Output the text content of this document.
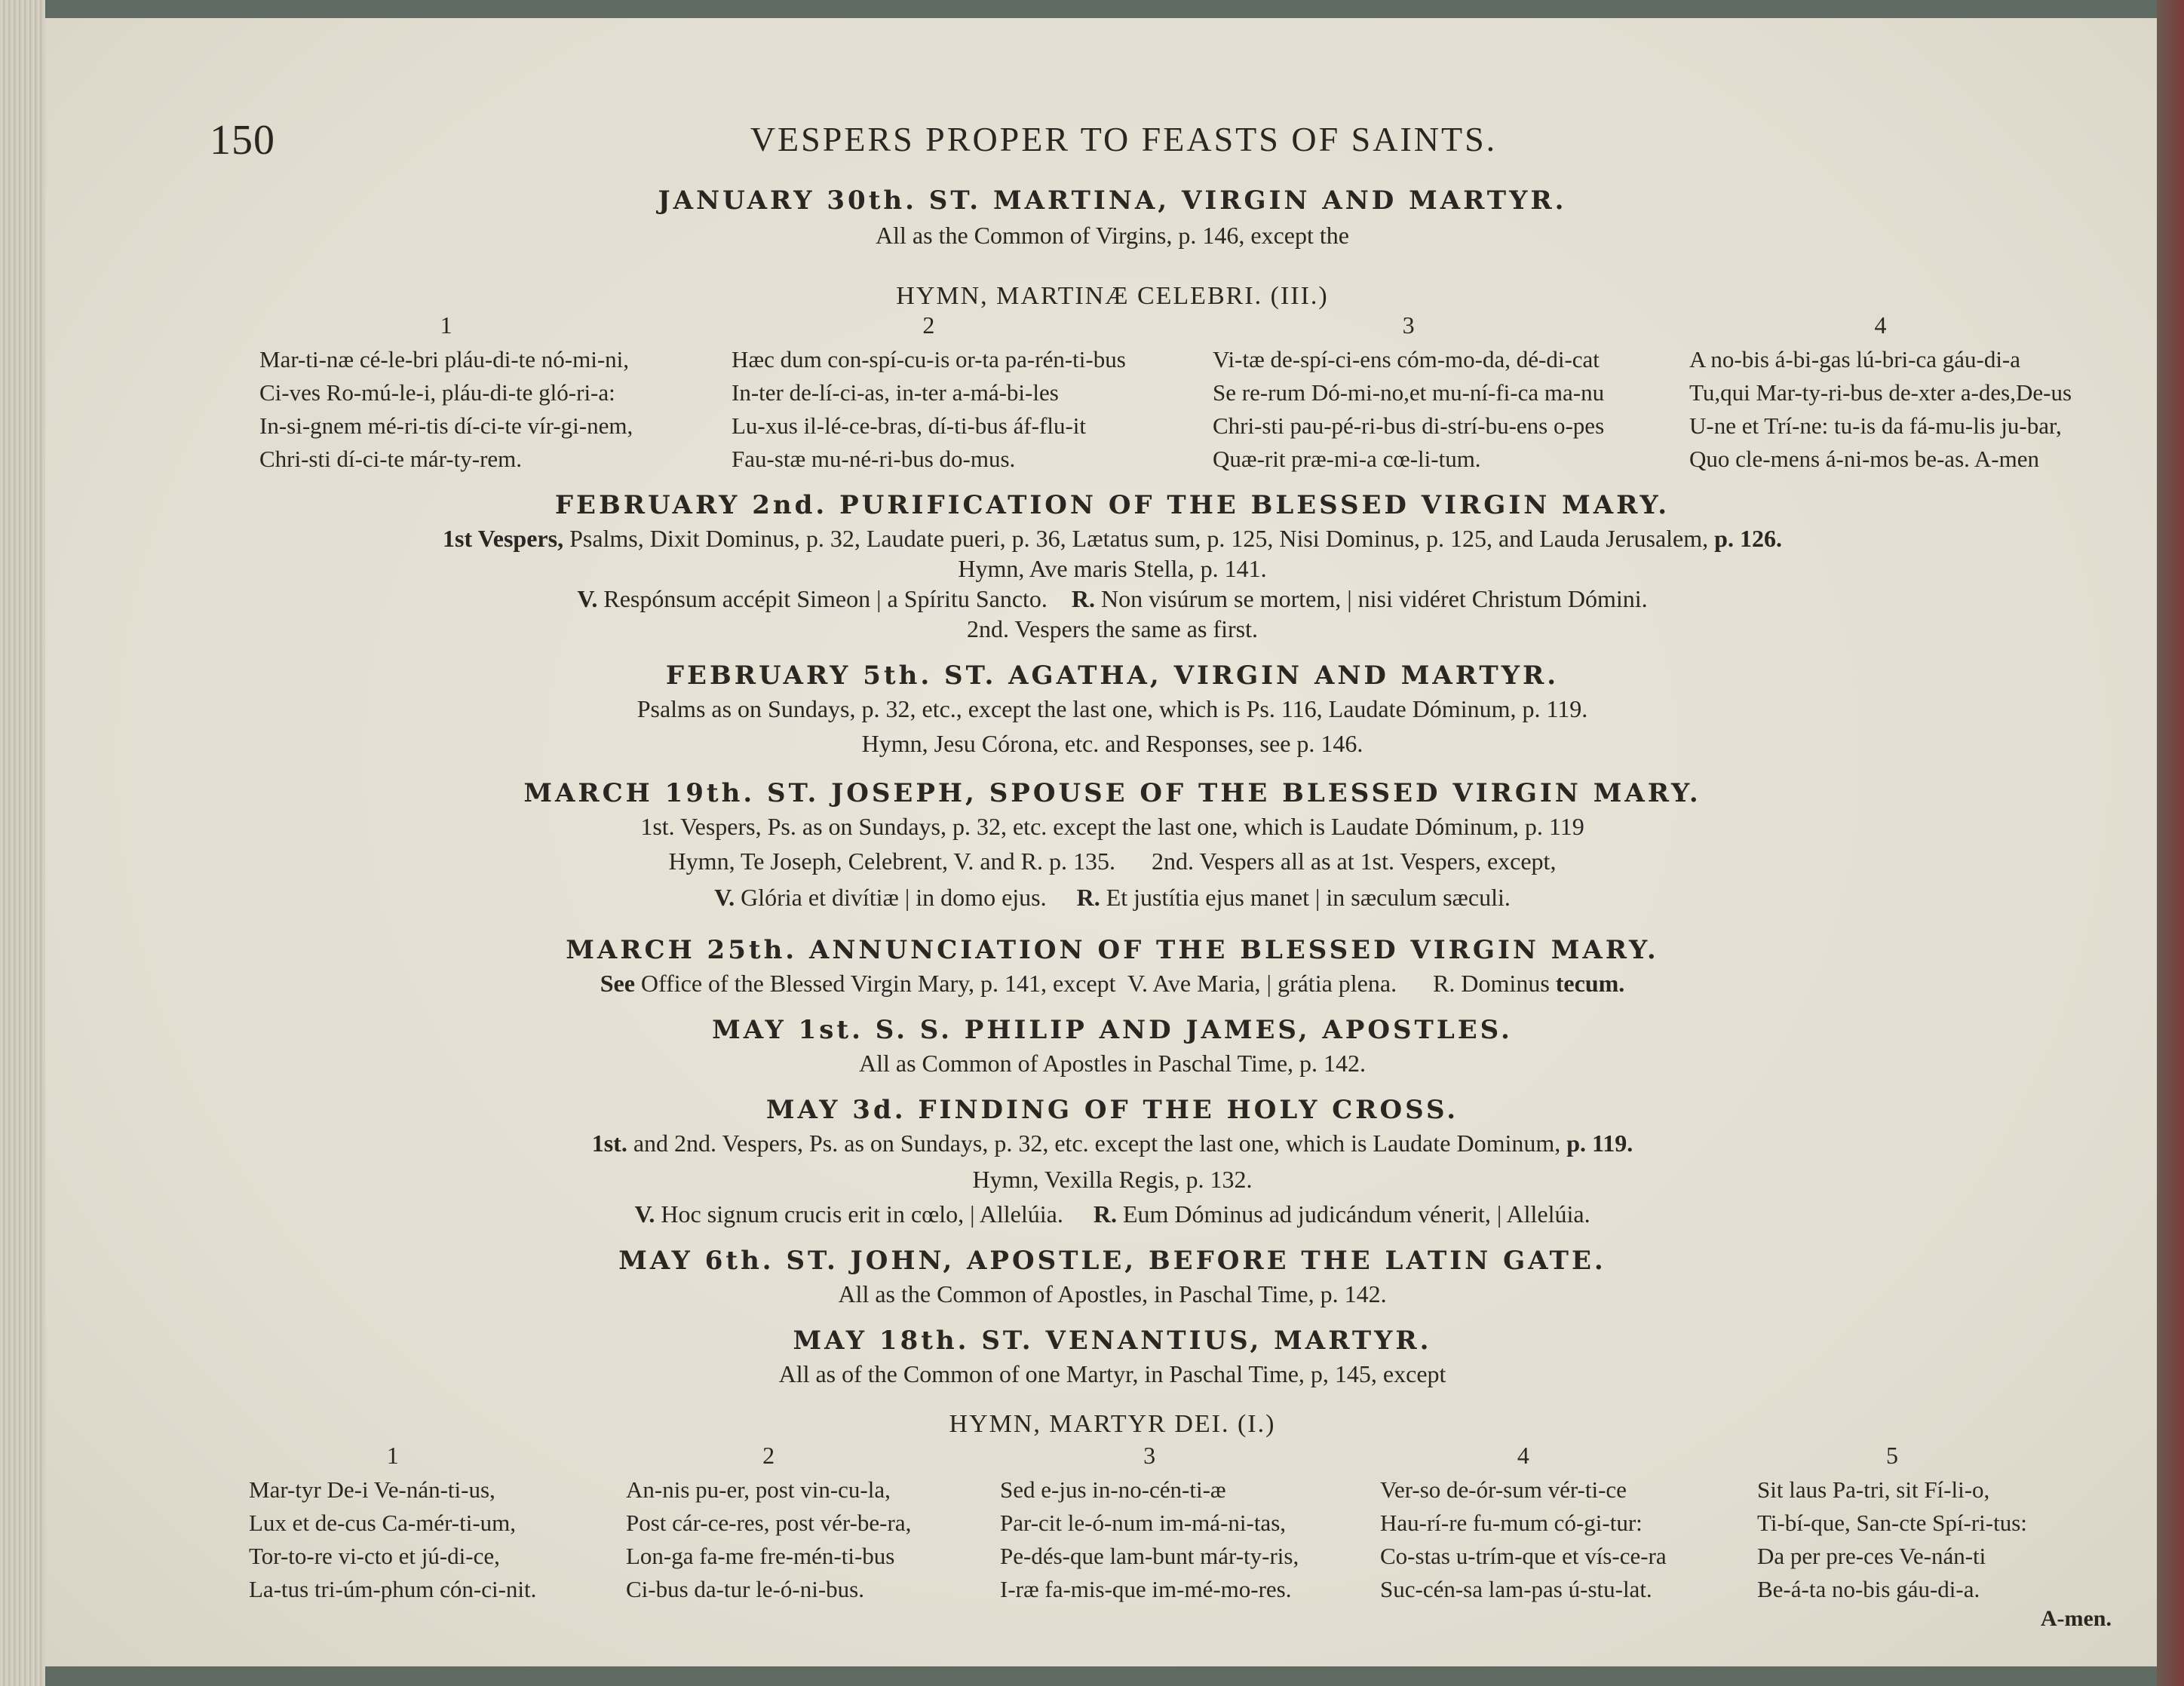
150	VESPERS PROPER TO FEASTS OF SAINTS.
JANUARY 30th. ST. MARTINA, VIRGIN AND MARTYR.
All as the Common of Virgins, p. 146, except the
HYMN, MARTINÆ CELEBRI. (III.)
1
Mar-ti-næ cé-le-bri pláu-di-te nó-mi-ni,
Ci-ves Ro-mú-le-i, pláu-di-te gló-ri-a:
In-si-gnem mé-ri-tis dí-ci-te vír-gi-nem,
Chri-sti dí-ci-te már-ty-rem.
2
Hæc dum con-spí-cu-is or-ta pa-rén-ti-bus
In-ter de-lí-ci-as, in-ter a-má-bi-les
Lu-xus il-lé-ce-bras, dí-ti-bus áf-flu-it
Fau-stæ mu-né-ri-bus do-mus.
3
Vi-tæ de-spí-ci-ens cóm-mo-da, dé-di-cat
Se re-rum Dó-mi-no,et mu-ní-fi-ca ma-nu
Chri-sti pau-pé-ri-bus di-strí-bu-ens o-pes
Quæ-rit præ-mi-a cœ-li-tum.
4
A no-bis á-bi-gas lú-bri-ca gáu-di-a
Tu,qui Mar-ty-ri-bus de-xter a-des,De-us
U-ne et Trí-ne: tu-is da fá-mu-lis ju-bar,
Quo cle-mens á-ni-mos be-as. A-men
FEBRUARY 2nd. PURIFICATION OF THE BLESSED VIRGIN MARY.
1st Vespers, Psalms, Dixit Dominus, p. 32, Laudate pueri, p. 36, Lætatus sum, p. 125, Nisi Dominus, p. 125, and Lauda Jerusalem, p. 126.
Hymn, Ave maris Stella, p. 141.
V. Respónsum accépit Simeon | a Spíritu Sancto. R. Non visúrum se mortem, | nisi vidéret Christum Dómini.
2nd. Vespers the same as first.
FEBRUARY 5th. ST. AGATHA, VIRGIN AND MARTYR.
Psalms as on Sundays, p. 32, etc., except the last one, which is Ps. 116, Laudate Dóminum, p. 119.
Hymn, Jesu Córona, etc. and Responses, see p. 146.
MARCH 19th. ST. JOSEPH, SPOUSE OF THE BLESSED VIRGIN MARY.
1st. Vespers, Ps. as on Sundays, p. 32, etc. except the last one, which is Laudate Dóminum, p. 119
Hymn, Te Joseph, Celebrent, V. and R. p. 135.      2nd. Vespers all as at 1st. Vespers, except,
V. Glória et divítiæ | in domo ejus. R. Et justítia ejus manet | in sæculum sæculi.
MARCH 25th. ANNUNCIATION OF THE BLESSED VIRGIN MARY.
See Office of the Blessed Virgin Mary, p. 141, except  V. Ave Maria, | grátia plena.      R. Dominus tecum.
MAY 1st. S. S. PHILIP AND JAMES, APOSTLES.
All as Common of Apostles in Paschal Time, p. 142.
MAY 3d. FINDING OF THE HOLY CROSS.
1st. and 2nd. Vespers, Ps. as on Sundays, p. 32, etc. except the last one, which is Laudate Dominum, p. 119.
Hymn, Vexilla Regis, p. 132.
V. Hoc signum crucis erit in cœlo, | Allelúia. R. Eum Dóminus ad judicándum vénerit, | Allelúia.
MAY 6th. ST. JOHN, APOSTLE, BEFORE THE LATIN GATE.
All as the Common of Apostles, in Paschal Time, p. 142.
MAY 18th. ST. VENANTIUS, MARTYR.
All as of the Common of one Martyr, in Paschal Time, p, 145, except
HYMN, MARTYR DEI. (I.)
1
Mar-tyr De-i Ve-nán-ti-us,
Lux et de-cus Ca-mér-ti-um,
Tor-to-re vi-cto et jú-di-ce,
La-tus tri-úm-phum cón-ci-nit.
2
An-nis pu-er, post vin-cu-la,
Post cár-ce-res, post vér-be-ra,
Lon-ga fa-me fre-mén-ti-bus
Ci-bus da-tur le-ó-ni-bus.
3
Sed e-jus in-no-cén-ti-æ
Par-cit le-ó-num im-má-ni-tas,
Pe-dés-que lam-bunt már-ty-ris,
I-ræ fa-mis-que im-mé-mo-res.
4
Ver-so de-ór-sum vér-ti-ce
Hau-rí-re fu-mum có-gi-tur:
Co-stas u-trím-que et vís-ce-ra
Suc-cén-sa lam-pas ú-stu-lat.
5
Sit laus Pa-tri, sit Fí-li-o,
Ti-bí-que, San-cte Spí-ri-tus:
Da per pre-ces Ve-nán-ti
Be-á-ta no-bis gáu-di-a.
A-men.
